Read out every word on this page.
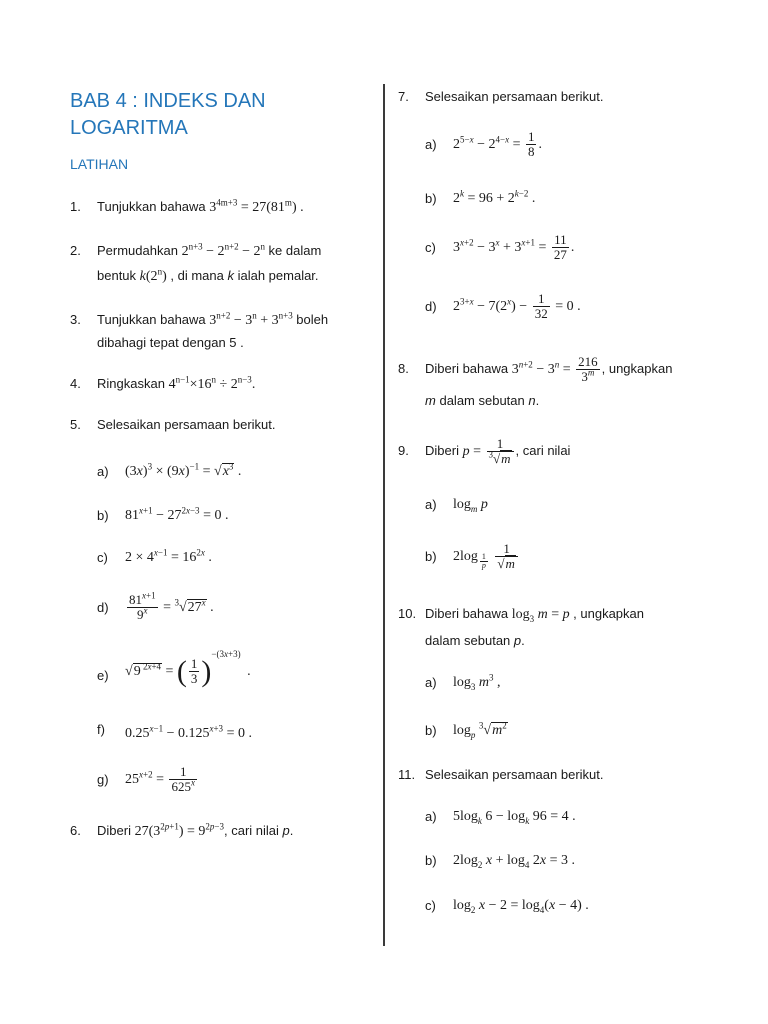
BAB 4 : INDEKS DAN LOGARITMA
LATIHAN
1.	Tunjukkan bahawa $3^{4m+3} = 27(81^m)$ .
2.	Permudahkan $2^{n+3} - 2^{n+2} - 2^n$ ke dalam
bentuk k(2$^n$) , di mana k ialah pemalar.
3.	Tunjukkan bahawa $3^{n+2} - 3^n + 3^{n+3}$ boleh
dibahagi tepat dengan 5 .
4.	Ringkaskan $4^{n-1}\times 16^n \div 2^{n-3}$.
5.	Selesaikan persamaan berikut.
a)	$(3x)^3 \times (9x)^{-1} = √x^3$ .
b)	$81^{x+1} - 27^{2x-3} = 0$ .
c)	$2 \times 4^{x-1} = 16^{2x}$ .
d)	$\frac{81^{x+1}}{9^x} = ^3√27^x$ .
e)	√9 $^{2x+4}$ = ( $\frac{1}{3} )^{-(3x+3)}$ .
f)	$0.25^{x-1} - 0.125^{x+3} = 0$ .
g)	$25^{x+2} = \frac{1}{625^x}$
6.	Diberi $27(3^{2p+1}) = 9^{2p-3}$, cari nilai p.
7.	Selesaikan persamaan berikut.
a)	$2^{5-x} - 2^{4-x} = \frac{1}{8}$ .
b)	$2^k = 96 + 2^{k-2}$ .
c)	$3^{x+2} - 3^x + 3^{x+1} = \frac{11}{27}$ .
d)	$2^{3+x} - 7(2^x) - \frac{1}{32} = 0$ .
8.	Diberi bahawa $3^{n+2} - 3^n = \frac{216}{3^m}$ , ungkapkan
m dalam sebutan n.
9.	Diberi $p = \frac{1}{^3√m}$ , cari nilai
a)	$\log_m p$
b)	2log $_{\frac{1}{p}}$
$\frac{1}{√m}$
10. Diberi bahawa $\log_3 m = p$ , ungkapkan
dalam sebutan p.
a)	$\log_3 m^3$ ,
b)	$\log_p ^3√m^2$
11. Selesaikan persamaan berikut.
a)	$5\log_k$ $6 - \log_k 96 = 4$ .
b)	$2\log_2$ $x + \log_4 2x = 3$ .
c)	$\log_2 x - 2 = \log_4(x - 4)$ .
